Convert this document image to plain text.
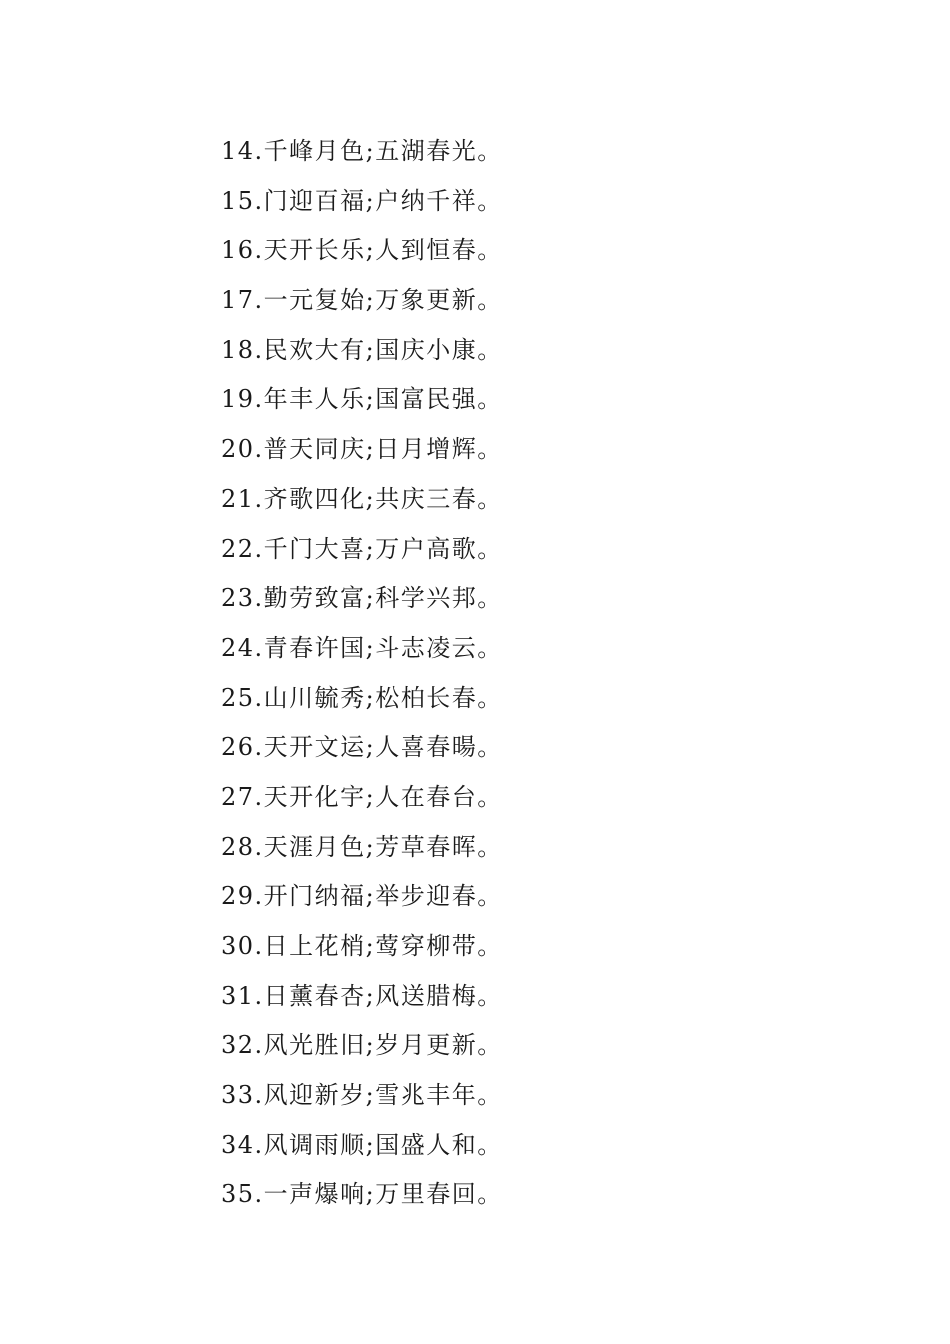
14.千峰月色;五湖春光。
15.门迎百福;户纳千祥。
16.天开长乐;人到恒春。
17.一元复始;万象更新。
18.民欢大有;国庆小康。
19.年丰人乐;国富民强。
20.普天同庆;日月增辉。
21.齐歌四化;共庆三春。
22.千门大喜;万户高歌。
23.勤劳致富;科学兴邦。
24.青春许国;斗志凌云。
25.山川毓秀;松柏长春。
26.天开文运;人喜春暘。
27.天开化宇;人在春台。
28.天涯月色;芳草春晖。
29.开门纳福;举步迎春。
30.日上花梢;莺穿柳带。
31.日薰春杏;风送腊梅。
32.风光胜旧;岁月更新。
33.风迎新岁;雪兆丰年。
34.风调雨顺;国盛人和。
35.一声爆响;万里春回。
